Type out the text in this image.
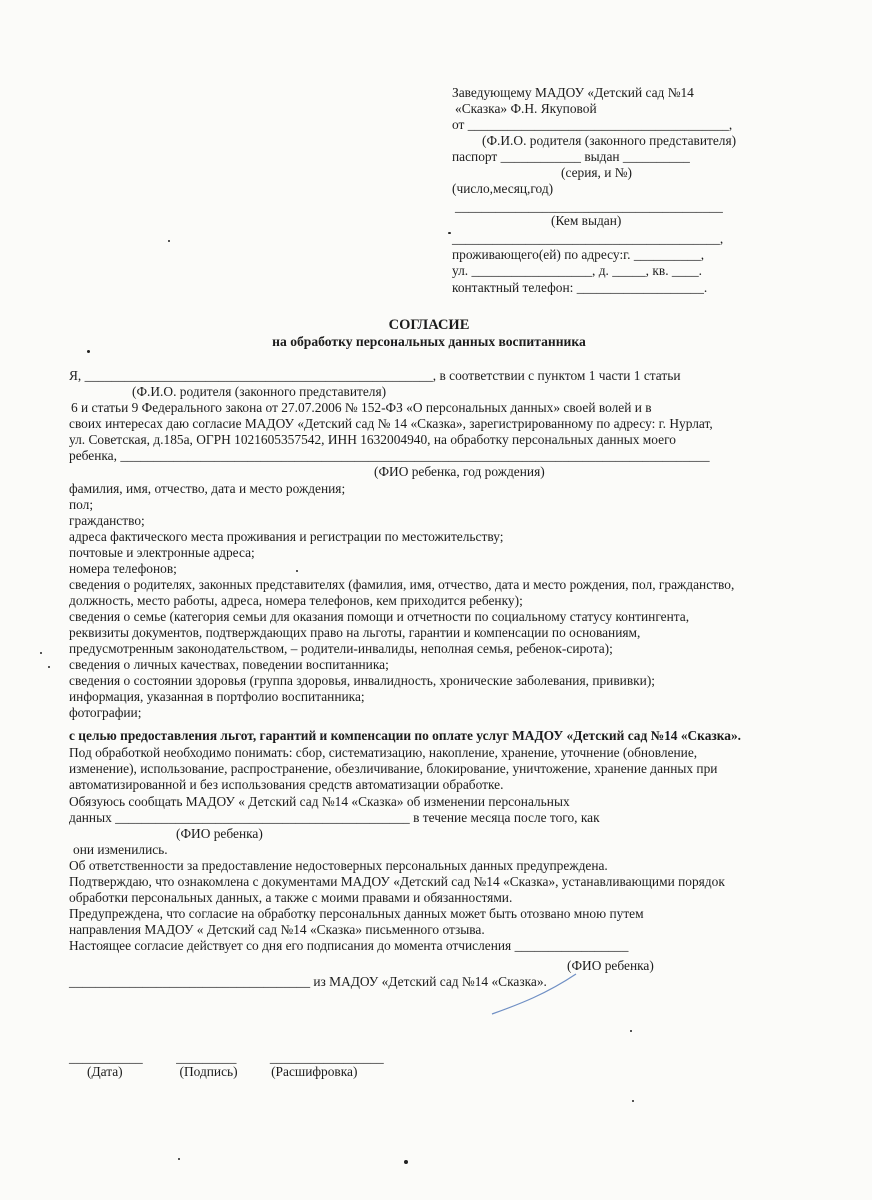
Заведующему МАДОУ «Детский сад №14
«Сказка» Ф.Н. Якуповой
от _______________________________________,
(Ф.И.О. родителя (законного представителя)
паспорт ____________ выдан __________
(серия, и №)
(число,месяц,год)
________________________________________
(Кем выдан)
________________________________________,
проживающего(ей) по адресу:г. __________,
ул. __________________, д. _____, кв. ____.
контактный телефон: ___________________.
СОГЛАСИЕ
на обработку персональных данных воспитанника
Я, ____________________________________________________, в соответствии с пунктом 1 части 1 статьи
(Ф.И.О. родителя (законного представителя)
6 и статьи 9 Федерального закона от 27.07.2006 № 152-ФЗ «О персональных данных» своей волей и в
своих интересах даю согласие МАДОУ «Детский сад № 14 «Сказка», зарегистрированному по адресу: г. Нурлат,
ул. Советская, д.185а, ОГРН 1021605357542, ИНН 1632004940, на обработку персональных данных моего
ребенка, ________________________________________________________________________________________
(ФИО ребенка, год рождения)

фамилия, имя, отчество, дата и место рождения;

пол;

гражданство;

адреса фактического места проживания и регистрации по местожительству;

почтовые и электронные адреса;

номера телефонов;

сведения о родителях, законных представителях (фамилия, имя, отчество, дата и место рождения, пол, гражданство,

должность, место работы, адреса, номера телефонов, кем приходится ребенку);

сведения о семье (категория семьи для оказания помощи и отчетности по социальному статусу контингента,

реквизиты документов, подтверждающих право на льготы, гарантии и компенсации по основаниям,

предусмотренным законодательством, – родители-инвалиды, неполная семья, ребенок-сирота);

сведения о личных качествах, поведении воспитанника;

сведения о состоянии здоровья (группа здоровья, инвалидность, хронические заболевания, прививки);

информация, указанная в портфолио воспитанника;

фотографии;

с целью предоставления льгот, гарантий и компенсации по оплате услуг МАДОУ «Детский сад №14 «Сказка».

Под обработкой необходимо понимать: сбор, систематизацию, накопление, хранение, уточнение (обновление,

изменение), использование, распространение, обезличивание, блокирование, уничтожение, хранение данных при

автоматизированной и без использования средств автоматизации обработке.

Обязуюсь сообщать МАДОУ « Детский сад №14 «Сказка» об изменении персональных
данных ____________________________________________ в течение месяца после того, как
(ФИО ребенка)
они изменились.

Об ответственности за предоставление недостоверных персональных данных предупреждена.

Подтверждаю, что ознакомлена с документами МАДОУ «Детский сад №14 «Сказка», устанавливающими порядок

обработки персональных данных, а также с моими правами и обязанностями.

Предупреждена, что согласие на обработку персональных данных может быть отозвано мною путем

направления МАДОУ « Детский сад №14 «Сказка» письменного отзыва.

Настоящее согласие действует со дня его подписания до момента отчисления _________________

(ФИО ребенка)
____________________________________ из МАДОУ «Детский сад №14 «Сказка».
___________          _________          _________________
(Дата)                 (Подпись)          (Расшифровка)
